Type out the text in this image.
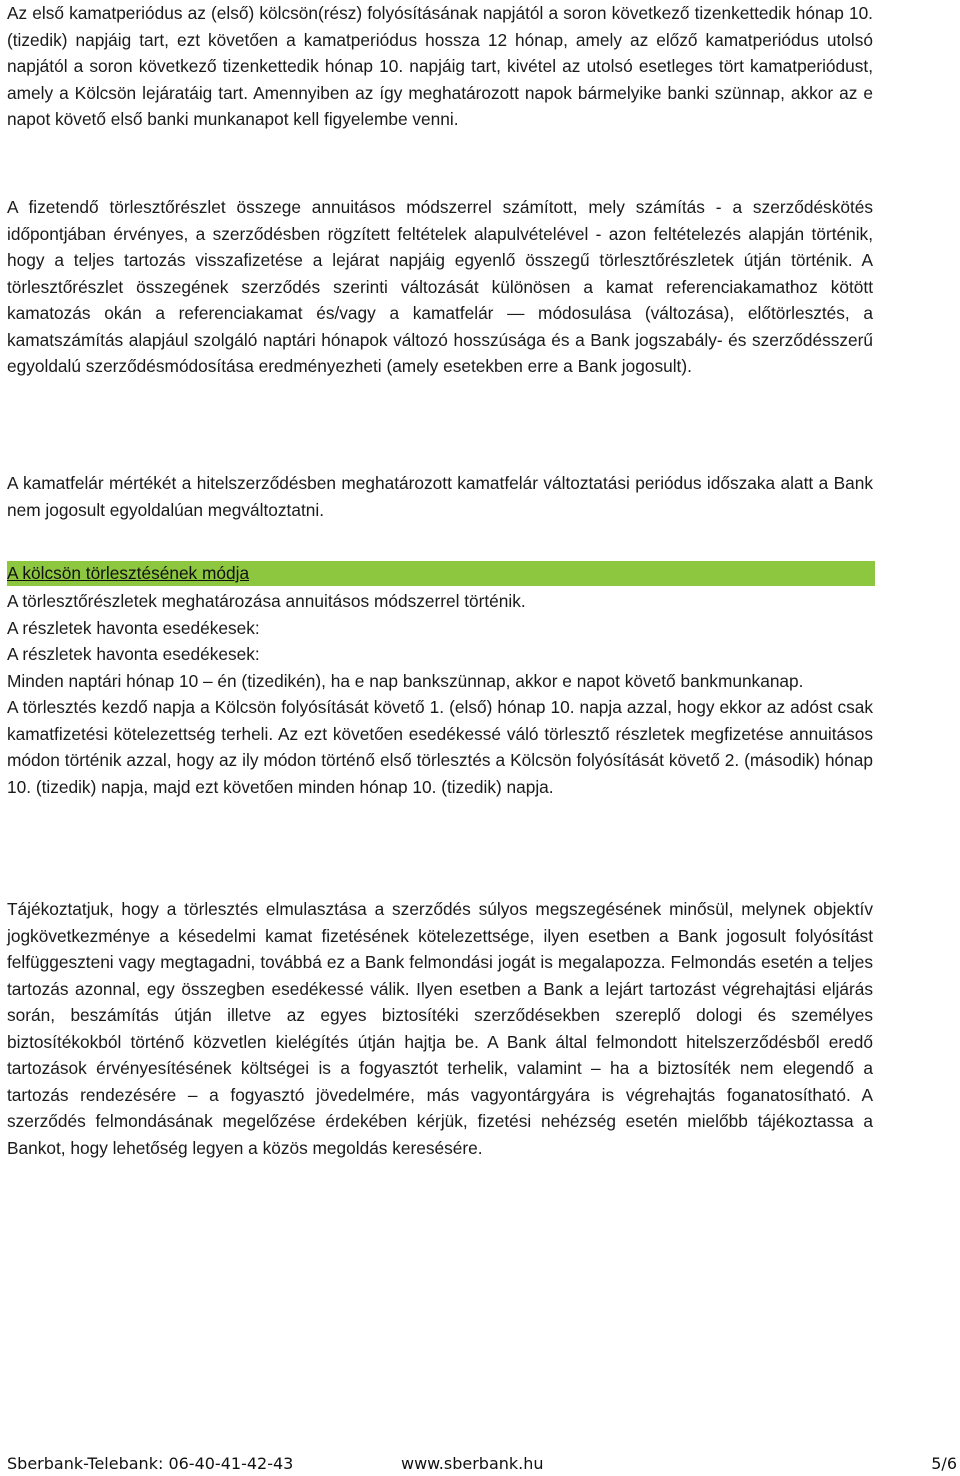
Az első kamatperiódus az (első) kölcsön(rész) folyósításának napjától a soron következő tizenkettedik hónap 10. (tizedik) napjáig tart, ezt követően a kamatperiódus hossza 12 hónap, amely az előző kamatperiódus utolsó napjától a soron következő tizenkettedik hónap 10. napjáig tart, kivétel az utolsó esetleges tört kamatperiódust, amely a Kölcsön lejáratáig tart. Amennyiben az így meghatározott napok bármelyike banki szünnap, akkor az e napot követő első banki munkanapot kell figyelembe venni.

A fizetendő törlesztőrészlet összege annuitásos módszerrel számított, mely számítás - a szerződéskötés időpontjában érvényes, a szerződésben rögzített feltételek alapulvételével - azon feltételezés alapján történik, hogy a teljes tartozás visszafizetése a lejárat napjáig egyenlő összegű törlesztőrészletek útján történik. A törlesztőrészlet összegének szerződés szerinti változását különösen a kamat referenciakamathoz kötött kamatozás okán a referenciakamat és/vagy a kamatfelár ― módosulása (változása), előtörlesztés, a kamatszámítás alapjául szolgáló naptári hónapok változó hosszúsága és a Bank jogszabály- és szerződésszerű egyoldalú szerződésmódosítása eredményezheti (amely esetekben erre a Bank jogosult).

A kamatfelár mértékét a hitelszerződésben meghatározott kamatfelár változtatási periódus időszaka alatt a Bank nem jogosult egyoldalúan megváltoztatni.

A kölcsön törlesztésének módja

A törlesztőrészletek meghatározása annuitásos módszerrel történik.

A részletek havonta esedékesek:

A részletek havonta esedékesek:

Minden naptári hónap 10 – én (tizedikén), ha e nap bankszünnap, akkor e napot követő bankmunkanap.

A törlesztés kezdő napja a Kölcsön folyósítását követő 1. (első) hónap 10. napja azzal, hogy ekkor az adóst csak kamatfizetési kötelezettség terheli. Az ezt követően esedékessé váló törlesztő részletek megfizetése annuitásos módon történik azzal, hogy az ily módon történő első törlesztés a Kölcsön folyósítását követő 2. (második) hónap 10. (tizedik) napja, majd ezt követően minden hónap 10. (tizedik) napja.

Tájékoztatjuk, hogy a törlesztés elmulasztása a szerződés súlyos megszegésének minősül, melynek objektív jogkövetkezménye a késedelmi kamat fizetésének kötelezettsége, ilyen esetben a Bank jogosult folyósítást felfüggeszteni vagy megtagadni, továbbá ez a Bank felmondási jogát is megalapozza. Felmondás esetén a teljes tartozás azonnal, egy összegben esedékessé válik. Ilyen esetben a Bank a lejárt tartozást végrehajtási eljárás során, beszámítás útján illetve az egyes biztosítéki szerződésekben szereplő dologi és személyes biztosítékokból történő közvetlen kielégítés útján hajtja be. A Bank által felmondott hitelszerződésből eredő tartozások érvényesítésének költségei is a fogyasztót terhelik, valamint – ha a biztosíték nem elegendő a tartozás rendezésére – a fogyasztó jövedelmére, más vagyontárgyára is végrehajtás foganatosítható. A szerződés felmondásának megelőzése érdekében kérjük, fizetési nehézség esetén mielőbb tájékoztassa a Bankot, hogy lehetőség legyen a közös megoldás keresésére.

Sberbank-Telebank: 06-40-41-42-43	www.sberbank.hu	5/6
